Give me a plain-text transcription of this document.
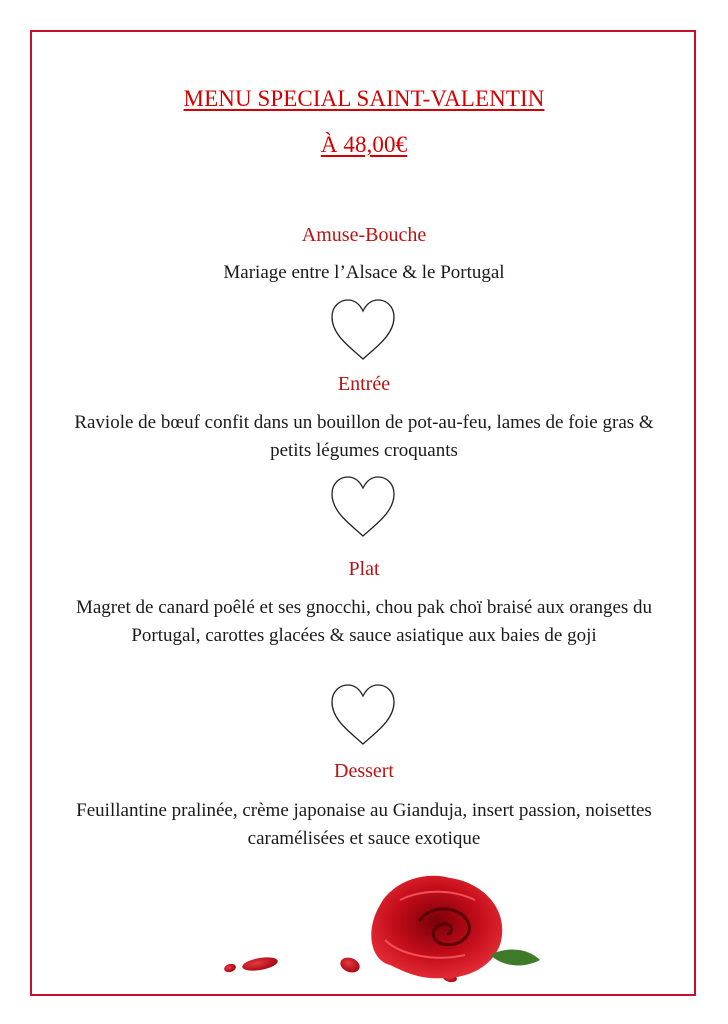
MENU SPECIAL SAINT-VALENTIN
À 48,00€
Amuse-Bouche
Mariage entre l’Alsace & le Portugal
Entrée
Raviole de bœuf confit dans un bouillon de pot-au-feu, lames de foie gras & petits légumes croquants
Plat
Magret de canard poêlé et ses gnocchi, chou pak choï braisé aux oranges du Portugal, carottes glacées & sauce asiatique aux baies de goji
Dessert
Feuillantine pralinée, crème japonaise au Gianduja, insert passion, noisettes caramélisées et sauce exotique
